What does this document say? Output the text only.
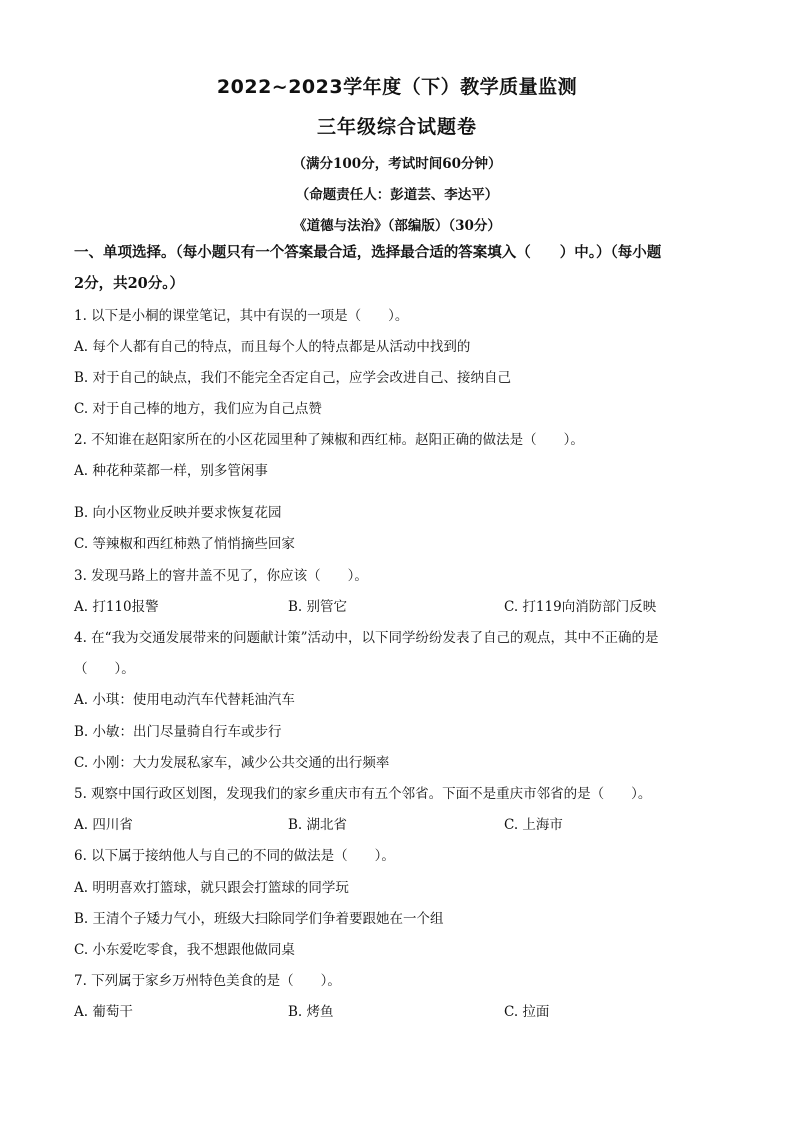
2022~2023学年度（下）教学质量监测
三年级综合试题卷
（满分100分，考试时间60分钟）
（命题责任人：彭道芸、李达平）
《道德与法治》（部编版）（30分）
一、单项选择。（每小题只有一个答案最合适，选择最合适的答案填入（　　）中。）（每小题
2分，共20分。）
1. 以下是小桐的课堂笔记，其中有误的一项是（　　）。
A. 每个人都有自己的特点，而且每个人的特点都是从活动中找到的
B. 对于自己的缺点，我们不能完全否定自己，应学会改进自己、接纳自己
C. 对于自己棒的地方，我们应为自己点赞
2. 不知谁在赵阳家所在的小区花园里种了辣椒和西红柿。赵阳正确的做法是（　　）。
A. 种花种菜都一样，别多管闲事
B. 向小区物业反映并要求恢复花园
C. 等辣椒和西红柿熟了悄悄摘些回家
3. 发现马路上的窨井盖不见了，你应该（　　）。
A. 打110报警	B. 别管它	C. 打119向消防部门反映
4. 在“我为交通发展带来的问题献计策”活动中，以下同学纷纷发表了自己的观点，其中不正确的是
（　　）。
A. 小琪：使用电动汽车代替耗油汽车
B. 小敏：出门尽量骑自行车或步行
C. 小刚：大力发展私家车，减少公共交通的出行频率
5. 观察中国行政区划图，发现我们的家乡重庆市有五个邻省。下面不是重庆市邻省的是（　　）。
A. 四川省	B. 湖北省	C. 上海市
6. 以下属于接纳他人与自己的不同的做法是（　　）。
A. 明明喜欢打篮球，就只跟会打篮球的同学玩
B. 王清个子矮力气小，班级大扫除同学们争着要跟她在一个组
C. 小东爱吃零食，我不想跟他做同桌
7. 下列属于家乡万州特色美食的是（　　）。
A. 葡萄干	B. 烤鱼	C. 拉面
